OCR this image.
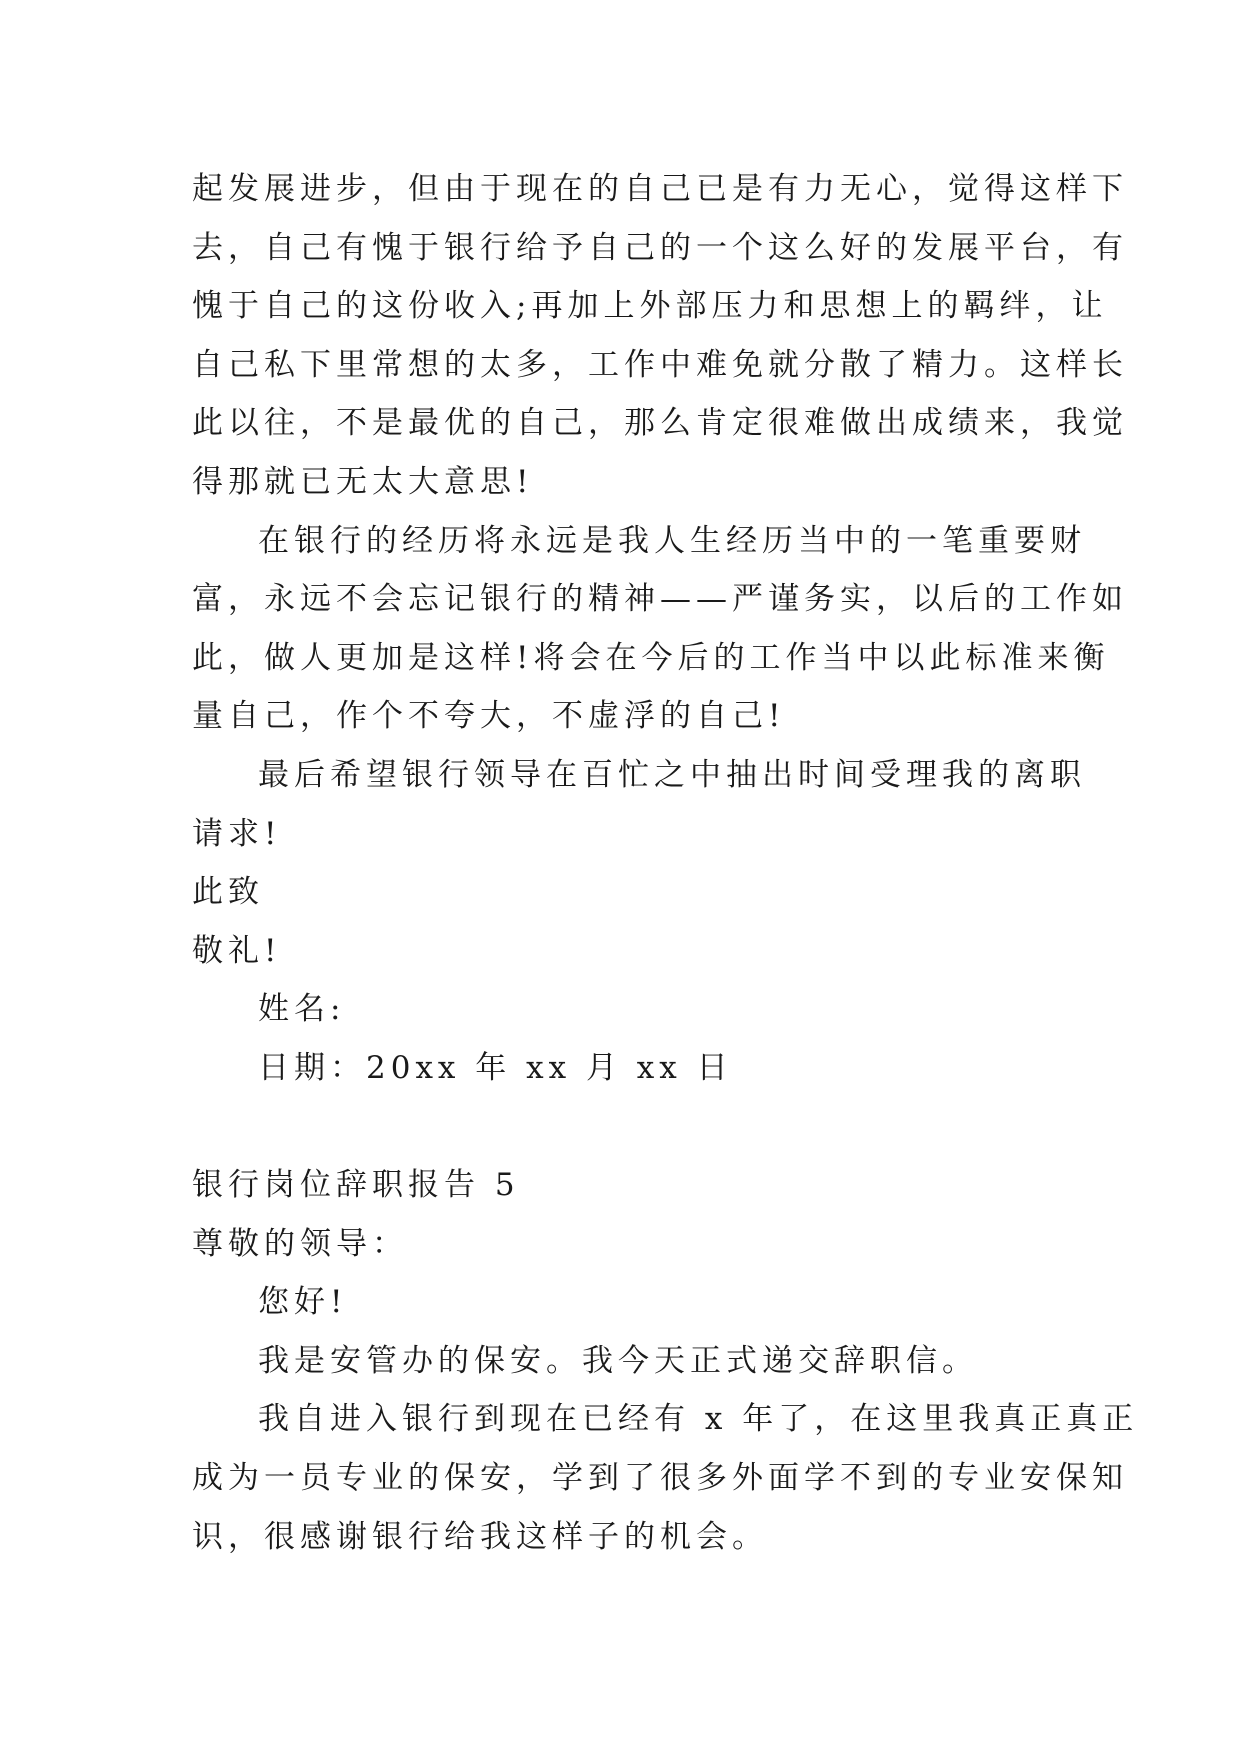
起发展进步，但由于现在的自己已是有力无心，觉得这样下
去，自己有愧于银行给予自己的一个这么好的发展平台，有
愧于自己的这份收入;再加上外部压力和思想上的羁绊，让
自己私下里常想的太多，工作中难免就分散了精力。这样长
此以往，不是最优的自己，那么肯定很难做出成绩来，我觉
得那就已无太大意思!
在银行的经历将永远是我人生经历当中的一笔重要财
富，永远不会忘记银行的精神——严谨务实，以后的工作如
此，做人更加是这样!将会在今后的工作当中以此标准来衡
量自己，作个不夸大，不虚浮的自己!
最后希望银行领导在百忙之中抽出时间受理我的离职
请求!
此致
敬礼!
姓名:
日期：20xx 年 xx 月 xx 日
银行岗位辞职报告 5
尊敬的领导：
您好!
我是安管办的保安。我今天正式递交辞职信。
我自进入银行到现在已经有 x 年了，在这里我真正真正
成为一员专业的保安，学到了很多外面学不到的专业安保知
识，很感谢银行给我这样子的机会。
